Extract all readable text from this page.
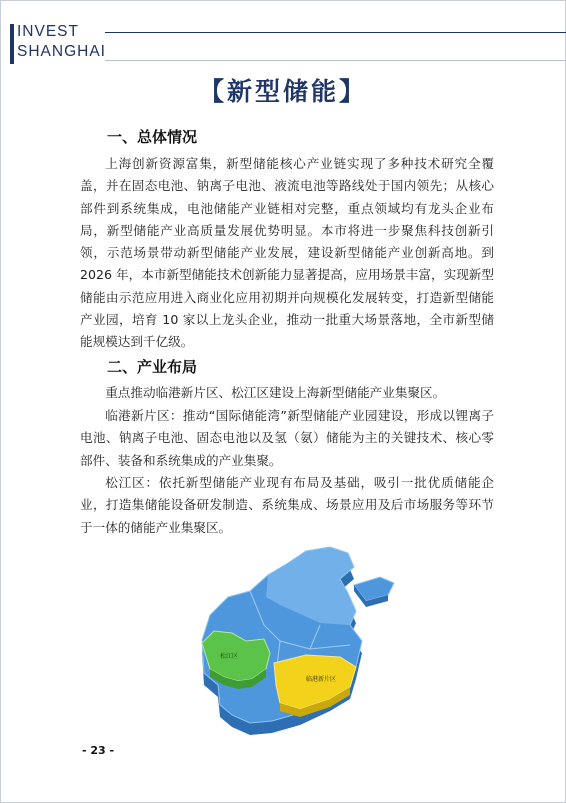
INVEST
SHANGHAI
【新型储能】
一、总体情况
上海创新资源富集，新型储能核心产业链实现了多种技术研究全覆盖，并在固态电池、钠离子电池、液流电池等路线处于国内领先；从核心部件到系统集成，电池储能产业链相对完整，重点领域均有龙头企业布局，新型储能产业高质量发展优势明显。本市将进一步聚焦科技创新引领，示范场景带动新型储能产业发展，建设新型储能产业创新高地。到 2026 年，本市新型储能技术创新能力显著提高，应用场景丰富，实现新型储能由示范应用进入商业化应用初期并向规模化发展转变，打造新型储能产业园，培育 10 家以上龙头企业，推动一批重大场景落地，全市新型储能规模达到千亿级。
二、产业布局
重点推动临港新片区、松江区建设上海新型储能产业集聚区。
临港新片区：推动“国际储能湾”新型储能产业园建设，形成以锂离子电池、钠离子电池、固态电池以及氢（氨）储能为主的关键技术、核心零部件、装备和系统集成的产业集聚。
松江区：依托新型储能产业现有布局及基础，吸引一批优质储能企业，打造集储能设备研发制造、系统集成、场景应用及后市场服务等环节于一体的储能产业集聚区。
松江区
临港新片区
- 23 -
